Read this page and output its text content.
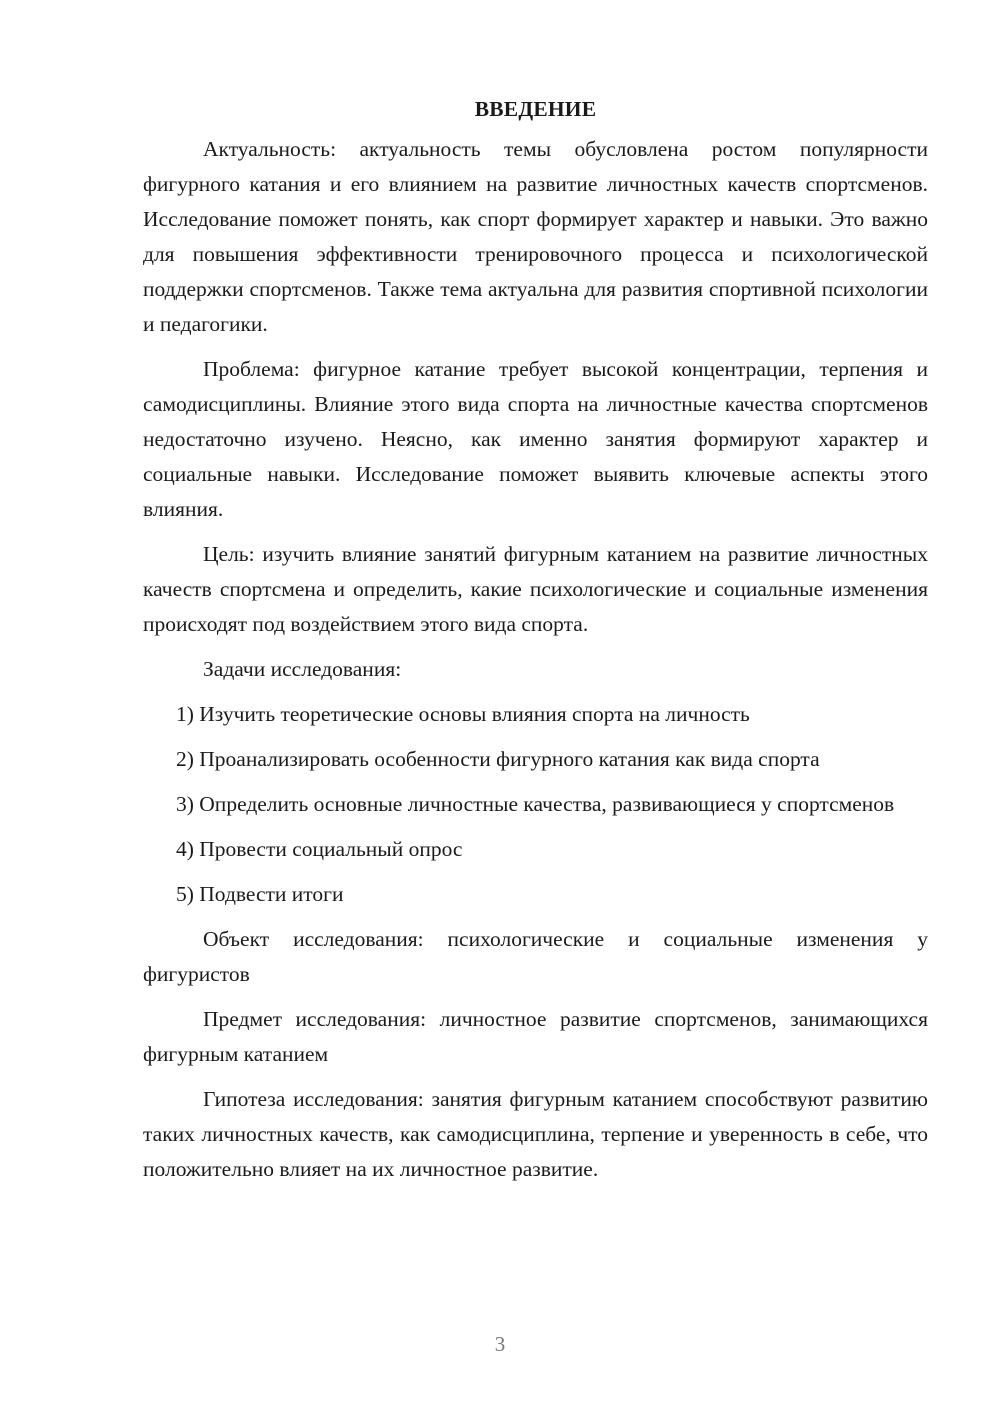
ВВЕДЕНИЕ

Актуальность: актуальность темы обусловлена ростом популярности фигурного катания и его влиянием на развитие личностных качеств спортсменов. Исследование поможет понять, как спорт формирует характер и навыки. Это важно для повышения эффективности тренировочного процесса и психологической поддержки спортсменов. Также тема актуальна для развития спортивной психологии и педагогики.

Проблема: фигурное катание требует высокой концентрации, терпения и самодисциплины. Влияние этого вида спорта на личностные качества спортсменов недостаточно изучено. Неясно, как именно занятия формируют характер и социальные навыки. Исследование поможет выявить ключевые аспекты этого влияния.

Цель: изучить влияние занятий фигурным катанием на развитие личностных качеств спортсмена и определить, какие психологические и социальные изменения происходят под воздействием этого вида спорта.

Задачи исследования:

1) Изучить теоретические основы влияния спорта на личность

2) Проанализировать особенности фигурного катания как вида спорта

3) Определить основные личностные качества, развивающиеся у спортсменов

4) Провести социальный опрос

5) Подвести итоги

Объект исследования: психологические и социальные изменения у фигуристов

Предмет исследования: личностное развитие спортсменов, занимающихся фигурным катанием

Гипотеза исследования: занятия фигурным катанием способствуют развитию таких личностных качеств, как самодисциплина, терпение и уверенность в себе, что положительно влияет на их личностное развитие.

3
